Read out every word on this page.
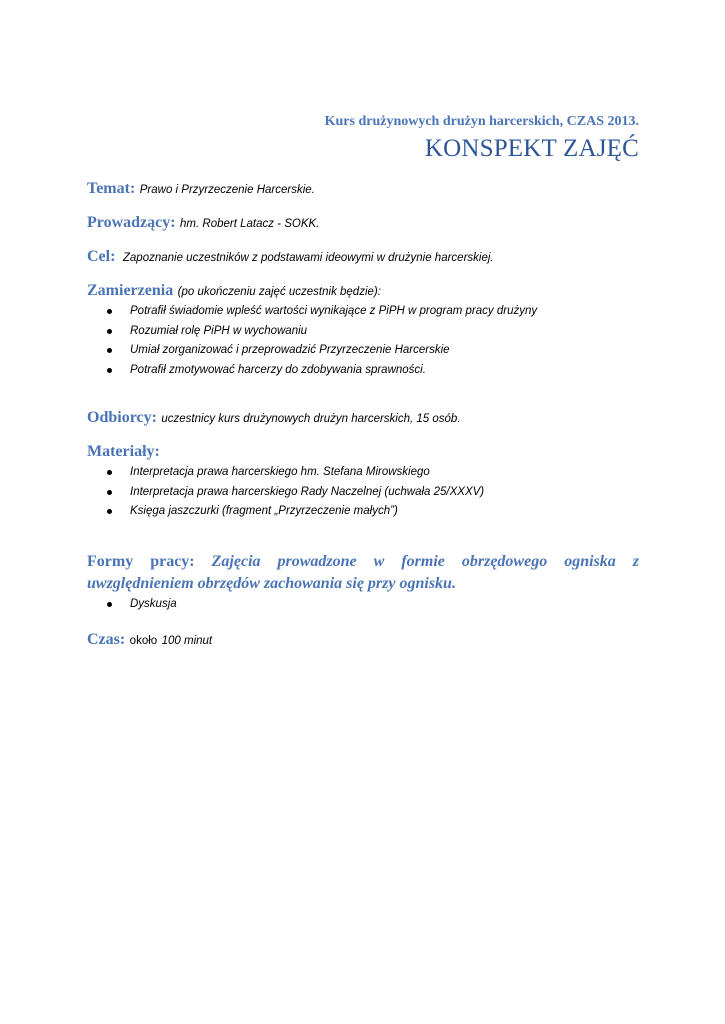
Kurs drużynowych drużyn harcerskich, CZAS 2013.
KONSPEKT ZAJĘĆ
Temat: Prawo i Przyrzeczenie Harcerskie.
Prowadzący: hm. Robert Latacz - SOKK.
Cel: Zapoznanie uczestników z podstawami ideowymi w drużynie harcerskiej.
Zamierzenia (po ukończeniu zajęć uczestnik będzie):
Potrafił świadomie wpleść wartości wynikające z PiPH w program pracy drużyny
Rozumiał rolę PiPH w wychowaniu
Umiał zorganizować i przeprowadzić Przyrzeczenie Harcerskie
Potrafił zmotywować harcerzy do zdobywania sprawności.
Odbiorcy: uczestnicy kurs drużynowych drużyn harcerskich, 15 osób.
Materiały:
Interpretacja prawa harcerskiego hm. Stefana Mirowskiego
Interpretacja prawa harcerskiego Rady Naczelnej (uchwała 25/XXXV)
Księga jaszczurki (fragment „Przyrzeczenie małych”)
Formy pracy: Zajęcia prowadzone w formie obrzędowego ogniska z uwzględnieniem obrzędów zachowania się przy ognisku.
Dyskusja
Czas: około 100 minut
